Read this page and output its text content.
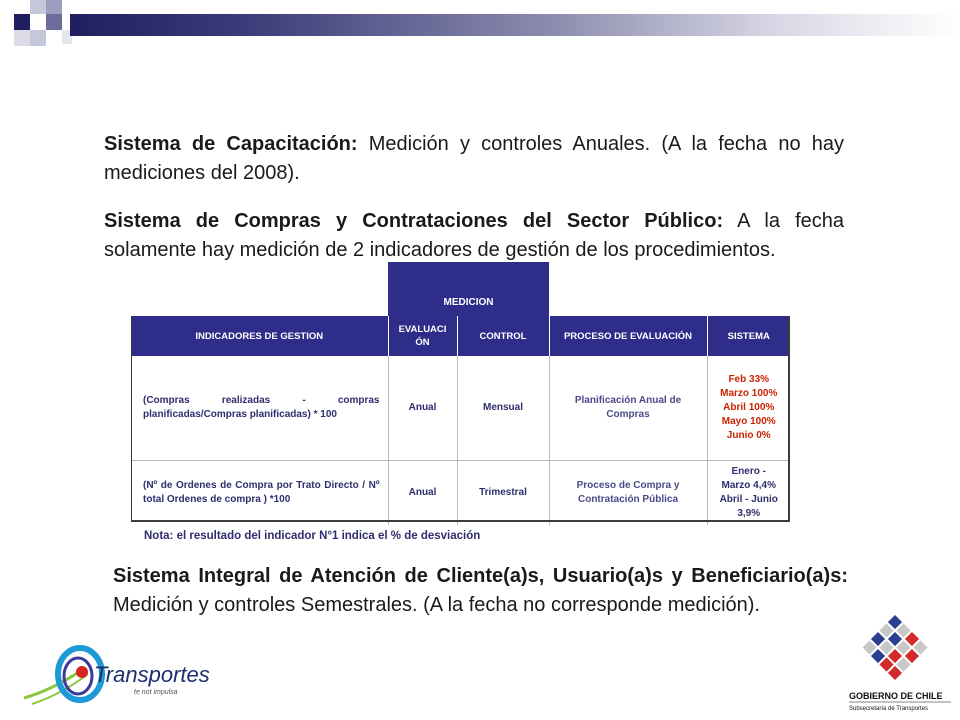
Sistema de Capacitación: Medición y controles Anuales. (A la fecha no hay mediciones del 2008).
Sistema de Compras y Contrataciones del Sector Público: A la fecha solamente hay medición de 2 indicadores de gestión de los procedimientos.
MEDICION
INDICADORES DE GESTION	EVALUACI ÓN	CONTROL	PROCESO DE EVALUACIÓN	SISTEMA
(Compras realizadas - compras planificadas/Compras planificadas) * 100	Anual	Mensual	Planificación Anual de Compras	Feb 33%
Marzo 100%
Abril 100%
Mayo 100%
Junio 0%

(Nº de Ordenes de Compra por Trato Directo / Nº total Ordenes de compra ) *100	Anual	Trimestral	Proceso de Compra y Contratación Pública	Enero -
Marzo 4,4%
Abril - Junio
3,9%
Nota: el resultado del indicador N°1 indica el % de desviación
Sistema Integral de Atención de Cliente(a)s, Usuario(a)s y Beneficiario(a)s: Medición y controles Semestrales. (A la fecha no corresponde medición).
Transportes
te not impulsa	GOBIERNO DE CHILE
Subsecretaría de Transportes
